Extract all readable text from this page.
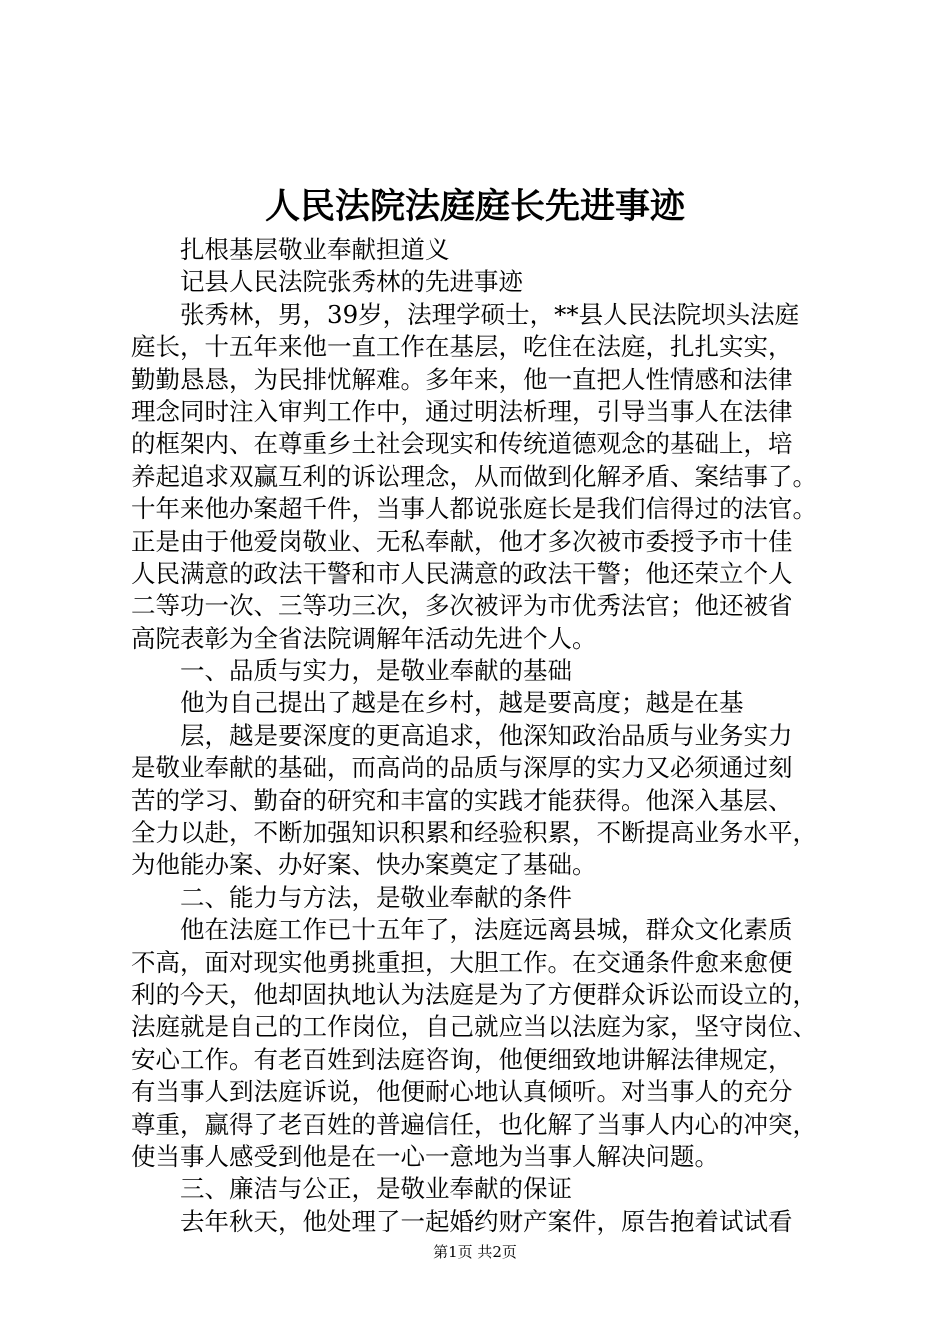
人民法院法庭庭长先进事迹
扎根基层敬业奉献担道义
记县人民法院张秀林的先进事迹
张秀林，男，39岁，法理学硕士，**县人民法院坝头法庭
庭长，十五年来他一直工作在基层，吃住在法庭，扎扎实实，
勤勤恳恳，为民排忧解难。多年来，他一直把人性情感和法律
理念同时注入审判工作中，通过明法析理，引导当事人在法律
的框架内、在尊重乡土社会现实和传统道德观念的基础上，培
养起追求双赢互利的诉讼理念，从而做到化解矛盾、案结事了。
十年来他办案超千件，当事人都说张庭长是我们信得过的法官。
正是由于他爱岗敬业、无私奉献，他才多次被市委授予市十佳
人民满意的政法干警和市人民满意的政法干警；他还荣立个人
二等功一次、三等功三次，多次被评为市优秀法官；他还被省
高院表彰为全省法院调解年活动先进个人。
一、品质与实力，是敬业奉献的基础
他为自己提出了越是在乡村，越是要高度；越是在基
层，越是要深度的更高追求，他深知政治品质与业务实力
是敬业奉献的基础，而高尚的品质与深厚的实力又必须通过刻
苦的学习、勤奋的研究和丰富的实践才能获得。他深入基层、
全力以赴，不断加强知识积累和经验积累，不断提高业务水平，
为他能办案、办好案、快办案奠定了基础。
二、能力与方法，是敬业奉献的条件
他在法庭工作已十五年了，法庭远离县城，群众文化素质
不高，面对现实他勇挑重担，大胆工作。在交通条件愈来愈便
利的今天，他却固执地认为法庭是为了方便群众诉讼而设立的，
法庭就是自己的工作岗位，自己就应当以法庭为家，坚守岗位、
安心工作。有老百姓到法庭咨询，他便细致地讲解法律规定，
有当事人到法庭诉说，他便耐心地认真倾听。对当事人的充分
尊重，赢得了老百姓的普遍信任，也化解了当事人内心的冲突，
使当事人感受到他是在一心一意地为当事人解决问题。
三、廉洁与公正，是敬业奉献的保证
去年秋天，他处理了一起婚约财产案件，原告抱着试试看
第1页 共2页
